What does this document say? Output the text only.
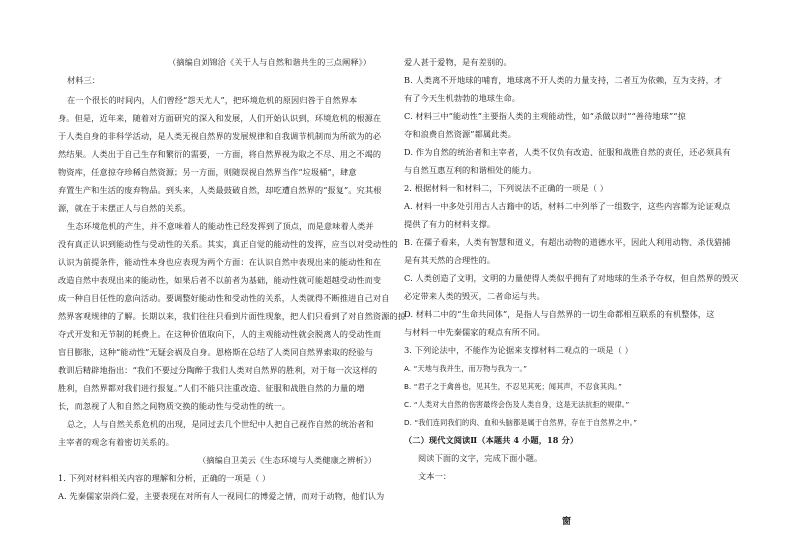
（摘编自刘锦洽《关于人与自然和谐共生的三点阐释》）
材料三：
在一个很长的时间内，人们曾经“怨天尤人”，把环境危机的原因归咎于自然界本
身。但是，近年来，随着对方面研究的深入和发展，人们开始认识到，环境危机的根源在
于人类自身的非科学活动，是人类无视自然界的发展规律和自我调节机制而为所欲为的必
然结果。人类出于自己生存和繁衍的需要，一方面，将自然界视为取之不尽、用之不竭的
物资库，任意掠夺珍稀自然资源；另一方面，则随误视自然界当作“垃圾桶”，肆意
弃置生产和生活的废弃物品。到头来，人类最鼓破自然，却吃遭自然界的“报复”。究其根
源，就在于未摆正人与自然的关系。
生态环境危机的产生，并不意味着人的能动性已经发挥到了顶点，而是意味着人类并
没有真正认识到能动性与受动性的关系。其实，真正自觉的能动性的发挥，应当以对受动性的
认识为前提条件，能动性本身也应表现为两个方面：在认识自然中表现出来的能动性和在
改造自然中表现出来的能动性，如果后者不以前者为基础，能动性就可能超越受动性而变
成一种自目任性的意向活动。要调整好能动性和受动性的关系，人类就得不断推进自己对自
然界客观规律的了解。长期以来，我们往往只看到片面性现象，把人们只看到了对自然资源的掠
夺式开发和无节制的耗费上。在这种价值取向下，人的主观能动性就会脱离人的受动性而
盲目膨胀，这种“能动性”无疑会祸及自身。恩格斯在总结了人类同自然界索取的经验与
教训后精辟地指出：“我们不要过分陶醉于我们人类对自然界的胜利，对于每一次这样的
胜利，自然界都对我们进行报复。”人们不能只注重改造、征服和战胜自然的力量的增
长，而忽视了人和自然之间物质交换的能动性与受动性的统一。
总之，人与自然关系危机的出现，是同过去几个世纪中人把自己视作自然的统治者和
主宰者的观念有着密切关系的。
（摘编自卫美云《生态环境与人类健康之辨析》）
1. 下列对材料相关内容的理解和分析，正确的一项是（ ）
A. 先秦儒家崇尚仁爱，主要表现在对所有人一视同仁的博爱之情，而对于动物，他们认为
爱人甚于爱物，是有差别的。
B. 人类离不开地球的哺育，地球离不开人类的力量支持，二者互为依赖，互为支持，才
有了今天生机勃勃的地球生命。
C. 材料三中“能动性”主要指人类的主观能动性，如“杀做以时”“善待地球”“掠
夺和浪费自然资源”都属此类。
D. 作为自然的统治者和主宰者，人类不仅负有改造、征服和战胜自然的责任，还必须具有
与自然互惠互利的和谐相处的能力。
2. 根据材料一和材料二，下列说法不正确的一项是（ ）
A. 材料一中多处引用古人古籍中的话，材料二中列举了一组数字，这些内容都为论证观点
提供了有力的材料支撑。
B. 在孺子看来，人类有智慧和道义，有超出动物的道德水平，因此人利用动物、杀伐猎捕
是有其天然的合理性的。
C. 人类创造了文明，文明的力量使得人类似乎拥有了对地球的生杀予夺权，但自然界的毁灭
必定带来人类的毁灭，二者命运与共。
D. 材料二中的“生命共同体”，是指人与自然界的一切生命都相互联系的有机整体，这
与材料一中先秦儒家的观点有所不同。
3. 下列论法中，不能作为论据来支撑材料二观点的一项是（ ）
A. “天地与我并生，而万物与我为一。”
B. “君子之于禽兽也，见其生，不忍见其死；闻其声，不忍食其肉。”
C. “人类对大自然的伤害最终会伤及人类自身，这是无法抗拒的规律。”
D. “我们连同我们的肉、血和头脑都是属于自然界，存在于自然界之中。”
（二）现代文阅读Ⅱ（本题共 4 小题，18 分）
阅读下面的文字，完成下面小题。
文本一：
窗
